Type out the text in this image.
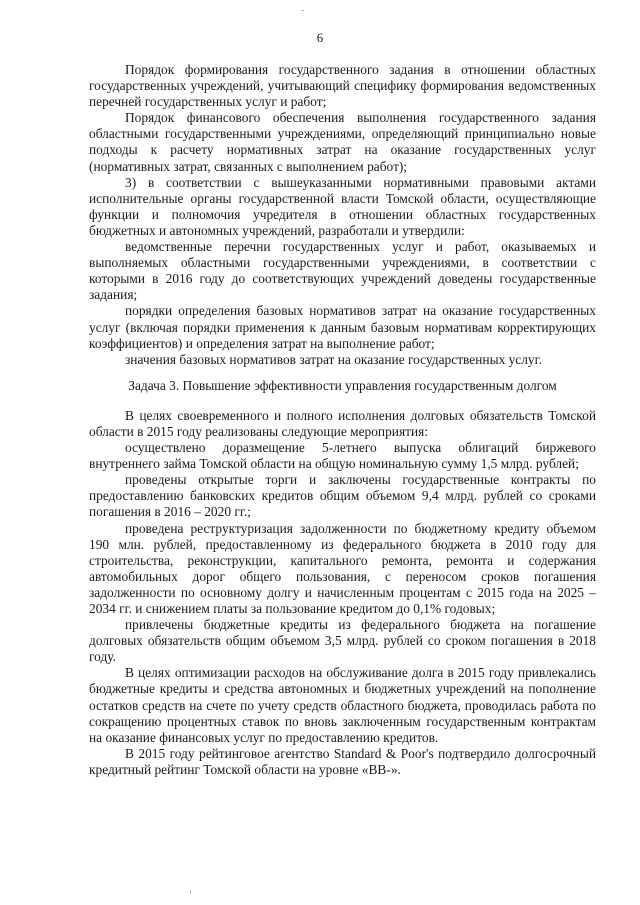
6

Порядок формирования государственного задания в отношении областных государственных учреждений, учитывающий специфику формирования ведомственных перечней государственных услуг и работ;

Порядок финансового обеспечения выполнения государственного задания областными государственными учреждениями, определяющий принципиально новые подходы к расчету нормативных затрат на оказание государственных услуг (нормативных затрат, связанных с выполнением работ);

3) в соответствии с вышеуказанными нормативными правовыми актами исполнительные органы государственной власти Томской области, осуществляющие функции и полномочия учредителя в отношении областных государственных бюджетных и автономных учреждений, разработали и утвердили:

ведомственные перечни государственных услуг и работ, оказываемых и выполняемых областными государственными учреждениями, в соответствии с которыми в 2016 году до соответствующих учреждений доведены государственные задания;

порядки определения базовых нормативов затрат на оказание государственных услуг (включая порядки применения к данным базовым нормативам корректирующих коэффициентов) и определения затрат на выполнение работ;

значения базовых нормативов затрат на оказание государственных услуг.

Задача 3. Повышение эффективности управления государственным долгом

В целях своевременного и полного исполнения долговых обязательств Томской области в 2015 году реализованы следующие мероприятия:

осуществлено доразмещение 5-летнего выпуска облигаций биржевого внутреннего займа Томской области на общую номинальную сумму 1,5 млрд. рублей;

проведены открытые торги и заключены государственные контракты по предоставлению банковских кредитов общим объемом 9,4 млрд. рублей со сроками погашения в 2016 – 2020 гг.;

проведена реструктуризация задолженности по бюджетному кредиту объемом 190 млн. рублей, предоставленному из федерального бюджета в 2010 году для строительства, реконструкции, капитального ремонта, ремонта и содержания автомобильных дорог общего пользования, с переносом сроков погашения задолженности по основному долгу и начисленным процентам с 2015 года на 2025 – 2034 гг. и снижением платы за пользование кредитом до 0,1% годовых;

привлечены бюджетные кредиты из федерального бюджета на погашение долговых обязательств общим объемом 3,5 млрд. рублей со сроком погашения в 2018 году.

В целях оптимизации расходов на обслуживание долга в 2015 году привлекались бюджетные кредиты и средства автономных и бюджетных учреждений на пополнение остатков средств на счете по учету средств областного бюджета, проводилась работа по сокращению процентных ставок по вновь заключенным государственным контрактам на оказание финансовых услуг по предоставлению кредитов.

В 2015 году рейтинговое агентство Standard & Poor's подтвердило долгосрочный кредитный рейтинг Томской области на уровне «BB-».
